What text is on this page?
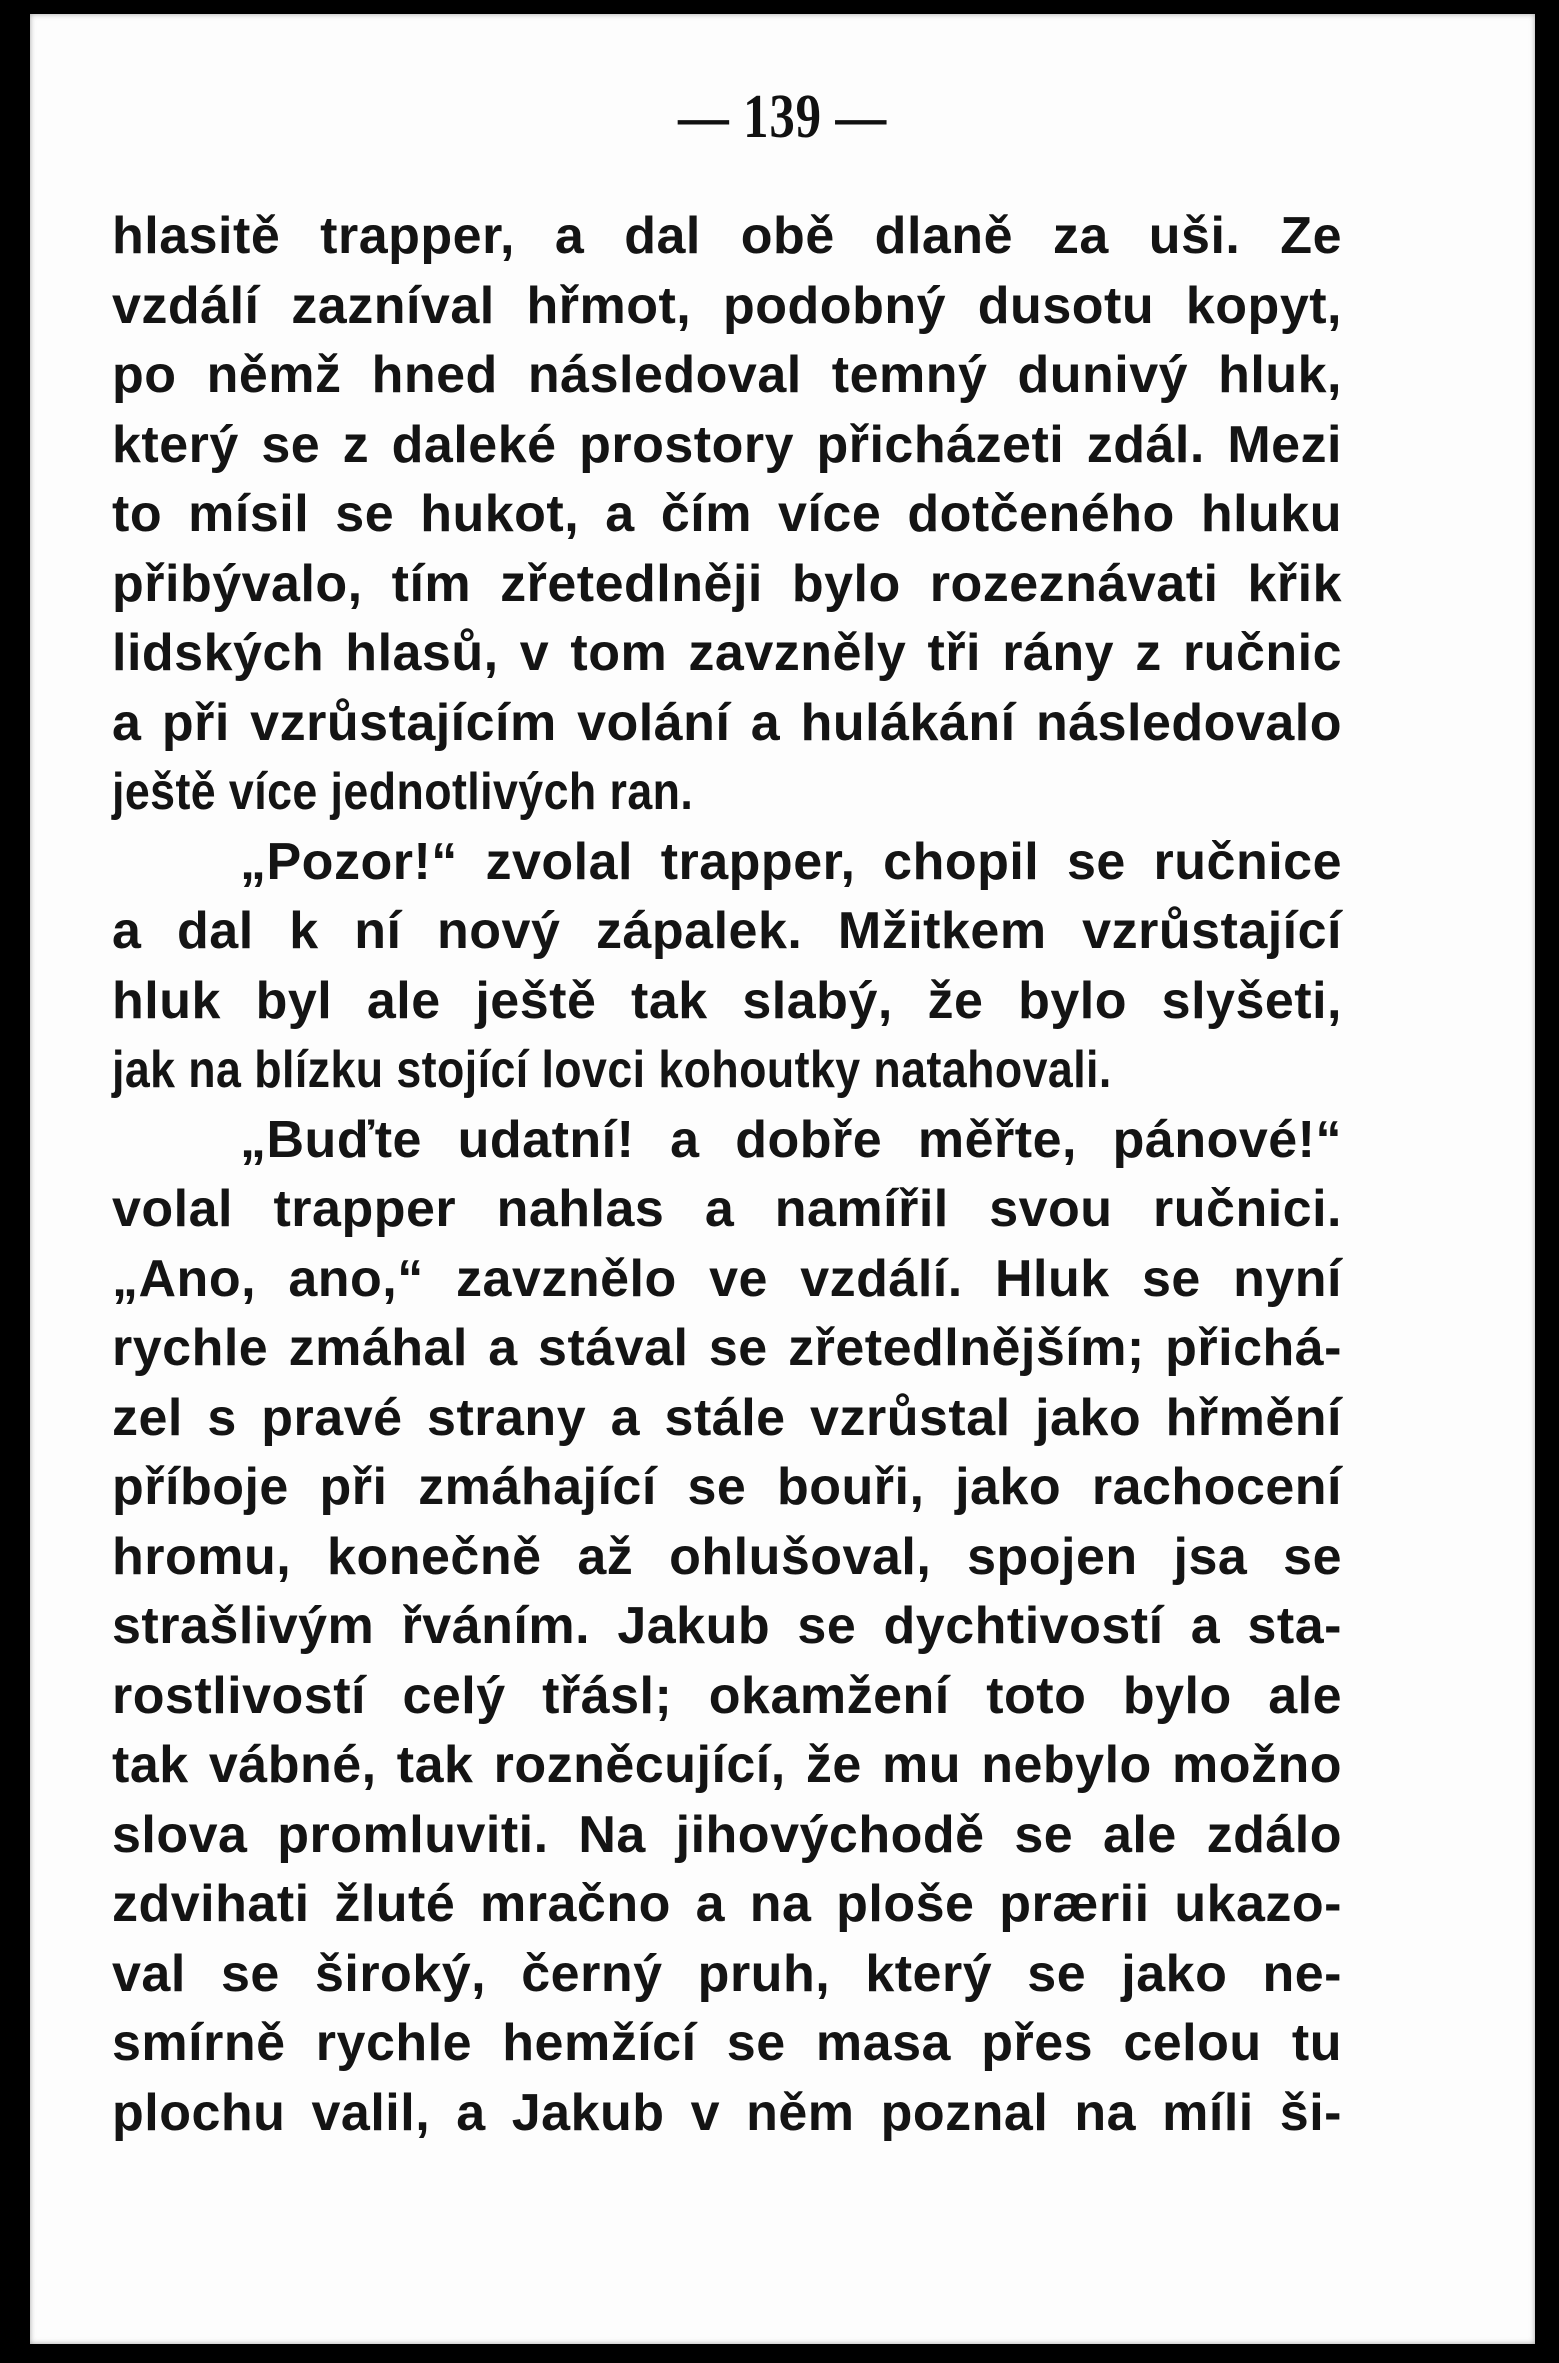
— 139 —
hlasitě trapper, a dal obě dlaně za uši. Ze
vzdálí zazníval hřmot, podobný dusotu kopyt,
po němž hned následoval temný dunivý hluk,
který se z daleké prostory přicházeti zdál. Mezi
to mísil se hukot, a čím více dotčeného hluku
přibývalo, tím zřetedlněji bylo rozeznávati křik
lidských hlasů, v tom zavzněly tři rány z ručnic
a při vzrůstajícím volání a hulákání následovalo
ještě více jednotlivých ran.
„Pozor!“ zvolal trapper, chopil se ručnice
a dal k ní nový zápalek. Mžitkem vzrůstající
hluk byl ale ještě tak slabý, že bylo slyšeti,
jak na blízku stojící lovci kohoutky natahovali.
„Buďte udatní! a dobře měřte, pánové!“
volal trapper nahlas a namířil svou ručnici.
„Ano, ano,“ zavznělo ve vzdálí. Hluk se nyní
rychle zmáhal a stával se zřetedlnějším; přichá-
zel s pravé strany a stále vzrůstal jako hřmění
příboje při zmáhající se bouři, jako rachocení
hromu, konečně až ohlušoval, spojen jsa se
strašlivým řváním. Jakub se dychtivostí a sta-
rostlivostí celý třásl; okamžení toto bylo ale
tak vábné, tak rozněcující, že mu nebylo možno
slova promluviti. Na jihovýchodě se ale zdálo
zdvihati žluté mračno a na ploše prærii ukazo-
val se široký, černý pruh, který se jako ne-
smírně rychle hemžící se masa přes celou tu
plochu valil, a Jakub v něm poznal na míli ši-
